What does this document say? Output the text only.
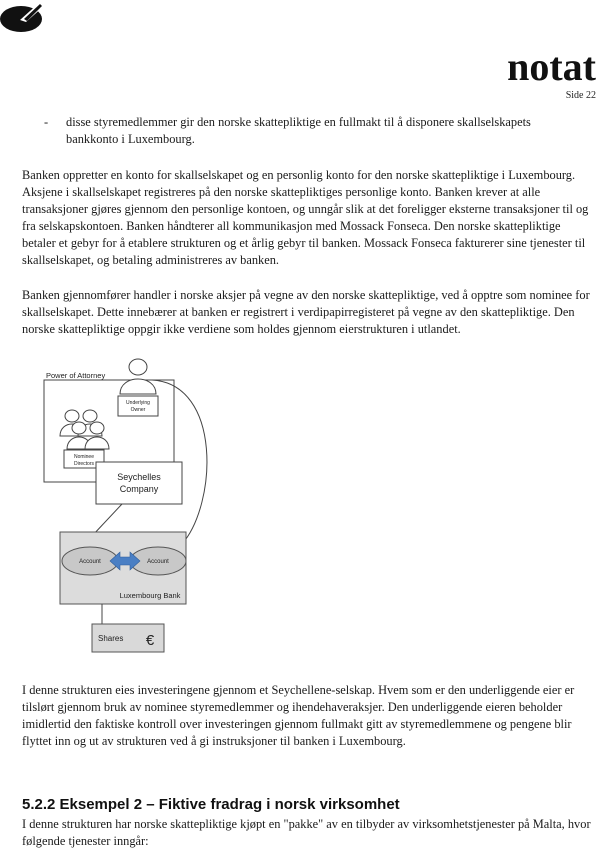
notat
Side 22
- disse styremedlemmer gir den norske skattepliktige en fullmakt til å disponere skallselskapets bankkonto i Luxembourg.

Banken oppretter en konto for skallselskapet og en personlig konto for den norske skattepliktige i Luxembourg. Aksjene i skallselskapet registreres på den norske skattepliktiges personlige konto. Banken krever at alle transaksjoner gjøres gjennom den personlige kontoen, og unngår slik at det foreligger eksterne transaksjoner til og fra selskapskontoen. Banken håndterer all kommunikasjon med Mossack Fonseca. Den norske skattepliktige betaler et gebyr for å etablere strukturen og et årlig gebyr til banken. Mossack Fonseca fakturerer sine tjenester til skallselskapet, og betaling administreres av banken.

Banken gjennomfører handler i norske aksjer på vegne av den norske skattepliktige, ved å opptre som nominee for skallselskapet. Dette innebærer at banken er registrert i verdipapirregisteret på vegne av den skattepliktige. Den norske skattepliktige oppgir ikke verdiene som holdes gjennom eierstrukturen i utlandet.

Power of Attorney
Underlying
Owner
Nominee
Directors
Seychelles
Company
Account	Account
Luxembourg Bank
Shares €

I denne strukturen eies investeringene gjennom et Seychellene-selskap. Hvem som er den underliggende eier er tilslørt gjennom bruk av nominee styremedlemmer og ihendehaveraksjer. Den underliggende eieren beholder imidlertid den faktiske kontroll over investeringen gjennom fullmakt gitt av styremedlemmene og pengene blir flyttet inn og ut av strukturen ved å gi instruksjoner til banken i Luxembourg.

5.2.2 Eksempel 2 – Fiktive fradrag i norsk virksomhet

I denne strukturen har norske skattepliktige kjøpt en "pakke" av en tilbyder av virksomhetstjenester på Malta, hvor følgende tjenester inngår:
